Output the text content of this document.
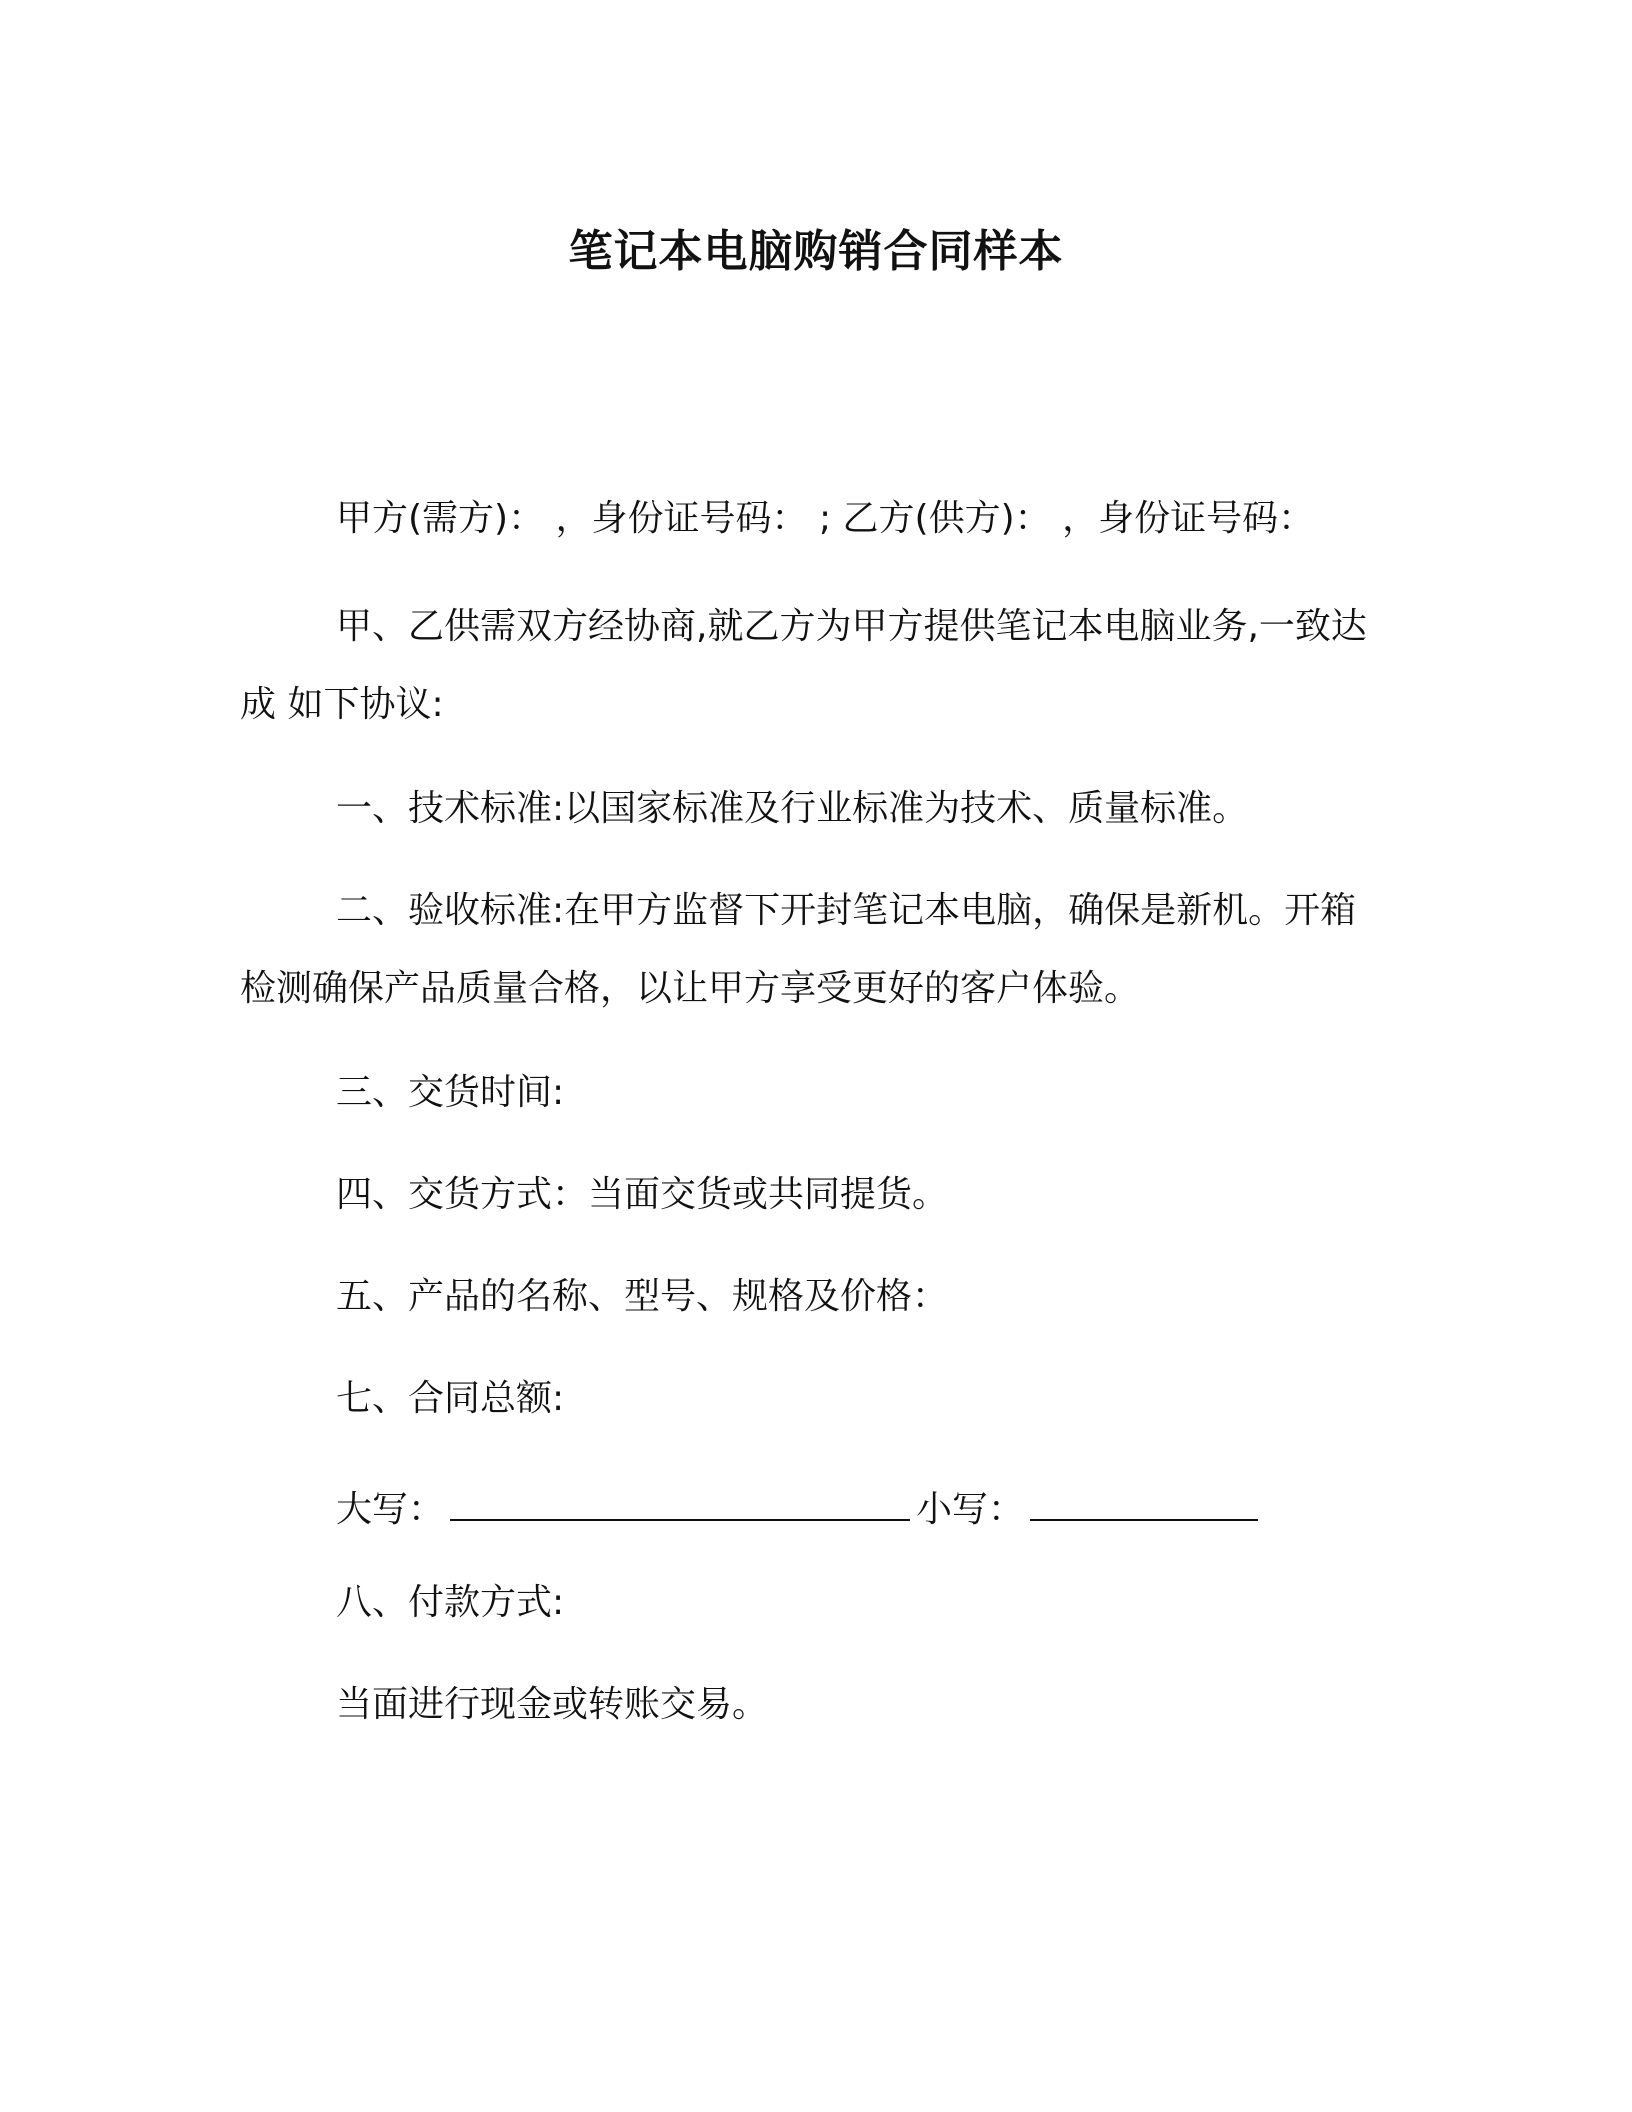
笔记本电脑购销合同样本

甲方(需方)： ，身份证号码： ; 乙方(供方)： ，身份证号码：

甲、乙供需双方经协商,就乙方为甲方提供笔记本电脑业务,一致达成 如下协议:

一、技术标准:以国家标准及行业标准为技术、质量标准。

二、验收标准:在甲方监督下开封笔记本电脑，确保是新机。开箱检测确保产品质量合格，以让甲方享受更好的客户体验。

三、交货时间:

四、交货方式：当面交货或共同提货。

五、产品的名称、型号、规格及价格：

七、合同总额:

大写：	小写：

八、付款方式:

当面进行现金或转账交易。
